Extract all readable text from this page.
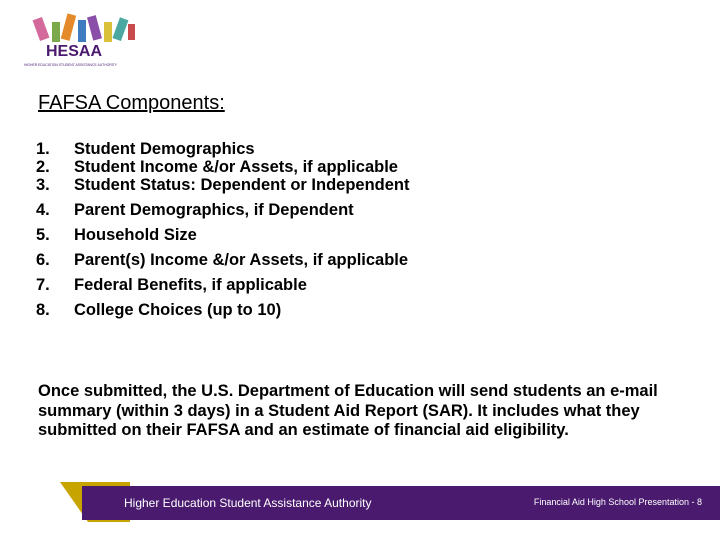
HESAA
HIGHER EDUCATION STUDENT ASSISTANCE AUTHORITY
FAFSA Components:
1.	Student Demographics
2.	Student Income &/or Assets, if applicable
3.	Student Status: Dependent or Independent
4.	Parent Demographics, if Dependent
5.	Household Size
6.	Parent(s) Income &/or Assets, if applicable
7.	Federal Benefits, if applicable
8.	College Choices (up to 10)

Once submitted, the U.S. Department of Education will send students an e-mail summary (within 3 days) in a Student Aid Report (SAR). It includes what they submitted on their FAFSA and an estimate of financial aid eligibility.

Higher Education Student Assistance Authority	Financial Aid High School Presentation - 8
